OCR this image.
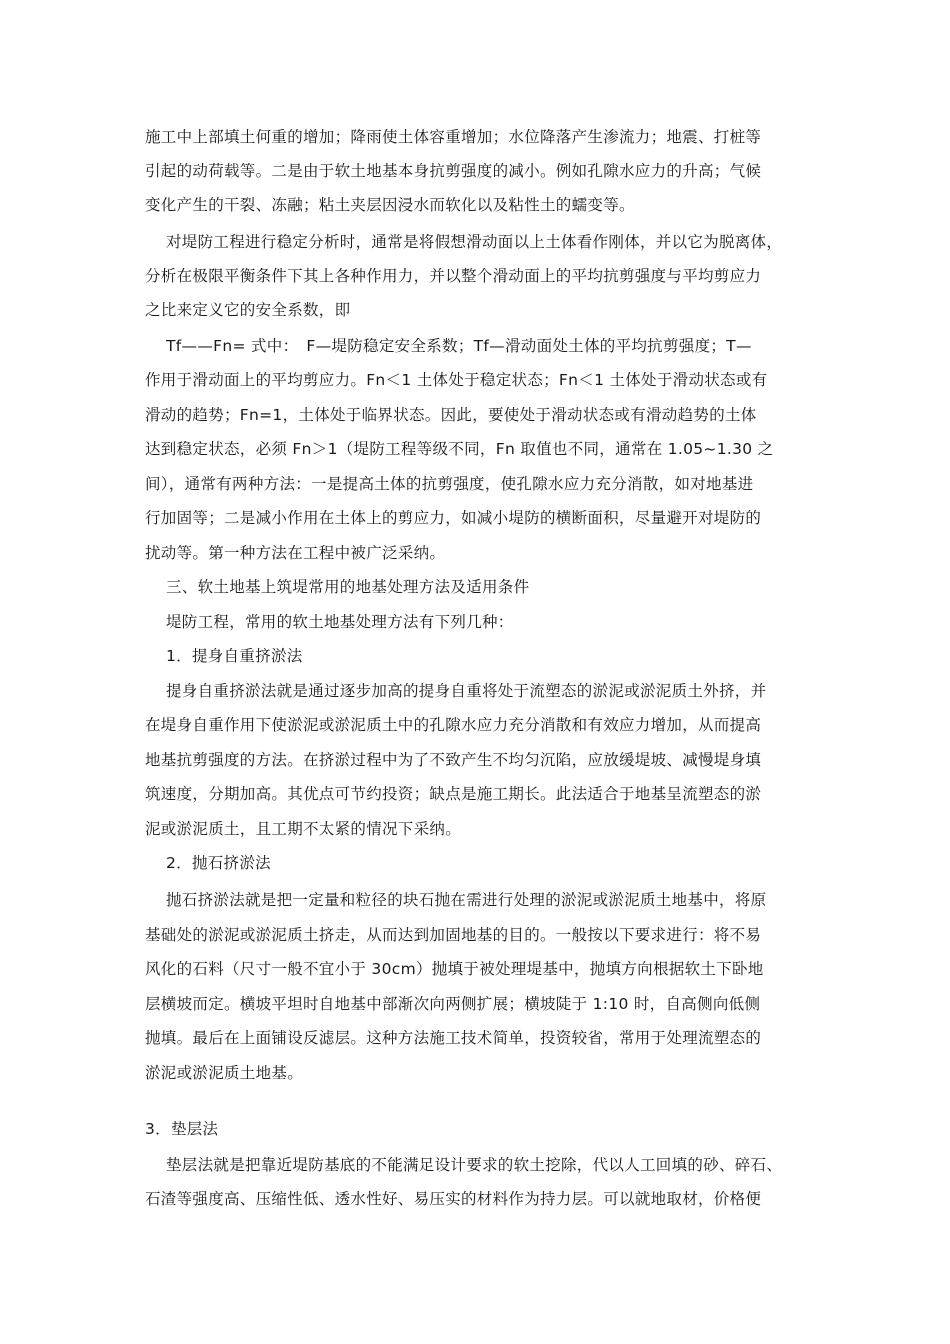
施工中上部填土何重的增加；降雨使土体容重增加；水位降落产生渗流力；地震、打桩等
引起的动荷载等。二是由于软土地基本身抗剪强度的减小。例如孔隙水应力的升高；气候
变化产生的干裂、冻融；粘土夹层因浸水而软化以及粘性土的蠕变等。
对堤防工程进行稳定分析时，通常是将假想滑动面以上土体看作刚体，并以它为脱离体，
分析在极限平衡条件下其上各种作用力，并以整个滑动面上的平均抗剪强度与平均剪应力
之比来定义它的安全系数，即
Tf——Fn= 式中：　F—堤防稳定安全系数；Tf—滑动面处土体的平均抗剪强度；T—
作用于滑动面上的平均剪应力。Fn＜1 土体处于稳定状态；Fn＜1 土体处于滑动状态或有
滑动的趋势；Fn=1，土体处于临界状态。因此，要使处于滑动状态或有滑动趋势的土体
达到稳定状态，必须 Fn＞1（堤防工程等级不同，Fn 取值也不同，通常在 1.05~1.30 之
间），通常有两种方法：一是提高土体的抗剪强度，使孔隙水应力充分消散，如对地基进
行加固等；二是减小作用在土体上的剪应力，如减小堤防的横断面积，尽量避开对堤防的
扰动等。第一种方法在工程中被广泛采纳。
三、软土地基上筑堤常用的地基处理方法及适用条件
堤防工程，常用的软土地基处理方法有下列几种：
1．提身自重挤淤法
提身自重挤淤法就是通过逐步加高的提身自重将处于流塑态的淤泥或淤泥质土外挤，并
在堤身自重作用下使淤泥或淤泥质土中的孔隙水应力充分消散和有效应力增加，从而提高
地基抗剪强度的方法。在挤淤过程中为了不致产生不均匀沉陷，应放缓堤坡、减慢堤身填
筑速度，分期加高。其优点可节约投资；缺点是施工期长。此法适合于地基呈流塑态的淤
泥或淤泥质土，且工期不太紧的情况下采纳。
2．抛石挤淤法
抛石挤淤法就是把一定量和粒径的块石抛在需进行处理的淤泥或淤泥质土地基中，将原
基础处的淤泥或淤泥质土挤走，从而达到加固地基的目的。一般按以下要求进行：将不易
风化的石料（尺寸一般不宜小于 30cm）抛填于被处理堤基中，抛填方向根据软土下卧地
层横坡而定。横坡平坦时自地基中部渐次向两侧扩展；横坡陡于 1:10 时，自高侧向低侧
抛填。最后在上面铺设反滤层。这种方法施工技术简单，投资较省，常用于处理流塑态的
淤泥或淤泥质土地基。
3．垫层法
垫层法就是把靠近堤防基底的不能满足设计要求的软土挖除，代以人工回填的砂、碎石、
石渣等强度高、压缩性低、透水性好、易压实的材料作为持力层。可以就地取材，价格便
